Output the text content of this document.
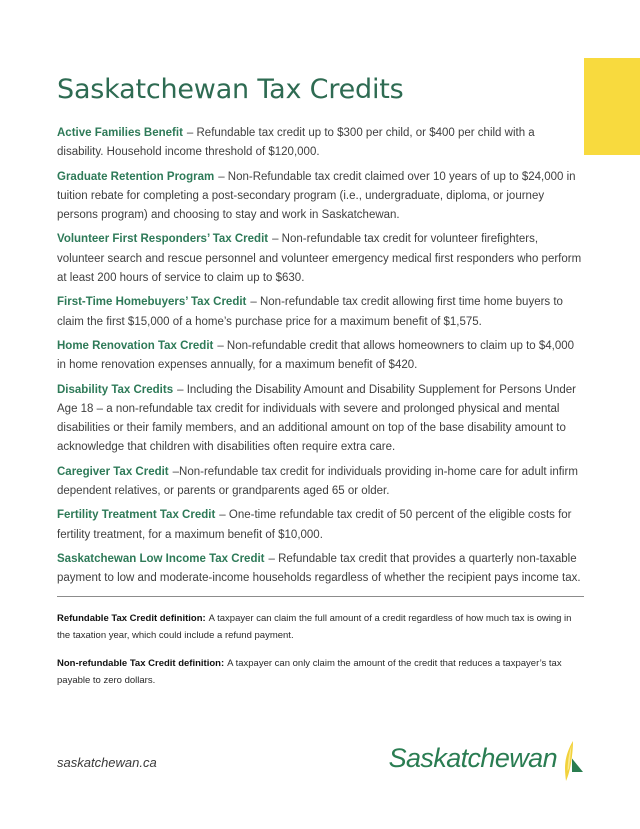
Saskatchewan Tax Credits

Active Families Benefit – Refundable tax credit up to $300 per child, or $400 per child with a disability. Household income threshold of $120,000.

Graduate Retention Program – Non-Refundable tax credit claimed over 10 years of up to $24,000 in tuition rebate for completing a post-secondary program (i.e., undergraduate, diploma, or journey persons program) and choosing to stay and work in Saskatchewan.

Volunteer First Responders’ Tax Credit – Non-refundable tax credit for volunteer firefighters, volunteer search and rescue personnel and volunteer emergency medical first responders who perform at least 200 hours of service to claim up to $630.

First-Time Homebuyers’ Tax Credit – Non-refundable tax credit allowing first time home buyers to claim the first $15,000 of a home’s purchase price for a maximum benefit of $1,575.

Home Renovation Tax Credit – Non-refundable credit that allows homeowners to claim up to $4,000 in home renovation expenses annually, for a maximum benefit of $420.

Disability Tax Credits – Including the Disability Amount and Disability Supplement for Persons Under Age 18 – a non-refundable tax credit for individuals with severe and prolonged physical and mental disabilities or their family members, and an additional amount on top of the base disability amount to acknowledge that children with disabilities often require extra care.

Caregiver Tax Credit –Non-refundable tax credit for individuals providing in-home care for adult infirm dependent relatives, or parents or grandparents aged 65 or older.

Fertility Treatment Tax Credit – One-time refundable tax credit of 50 percent of the eligible costs for fertility treatment, for a maximum benefit of $10,000.

Saskatchewan Low Income Tax Credit – Refundable tax credit that provides a quarterly non-taxable payment to low and moderate-income households regardless of whether the recipient pays income tax.

Refundable Tax Credit definition: A taxpayer can claim the full amount of a credit regardless of how much tax is owing in the taxation year, which could include a refund payment.

Non-refundable Tax Credit definition: A taxpayer can only claim the amount of the credit that reduces a taxpayer’s tax payable to zero dollars.

saskatchewan.ca	Saskatchewan
